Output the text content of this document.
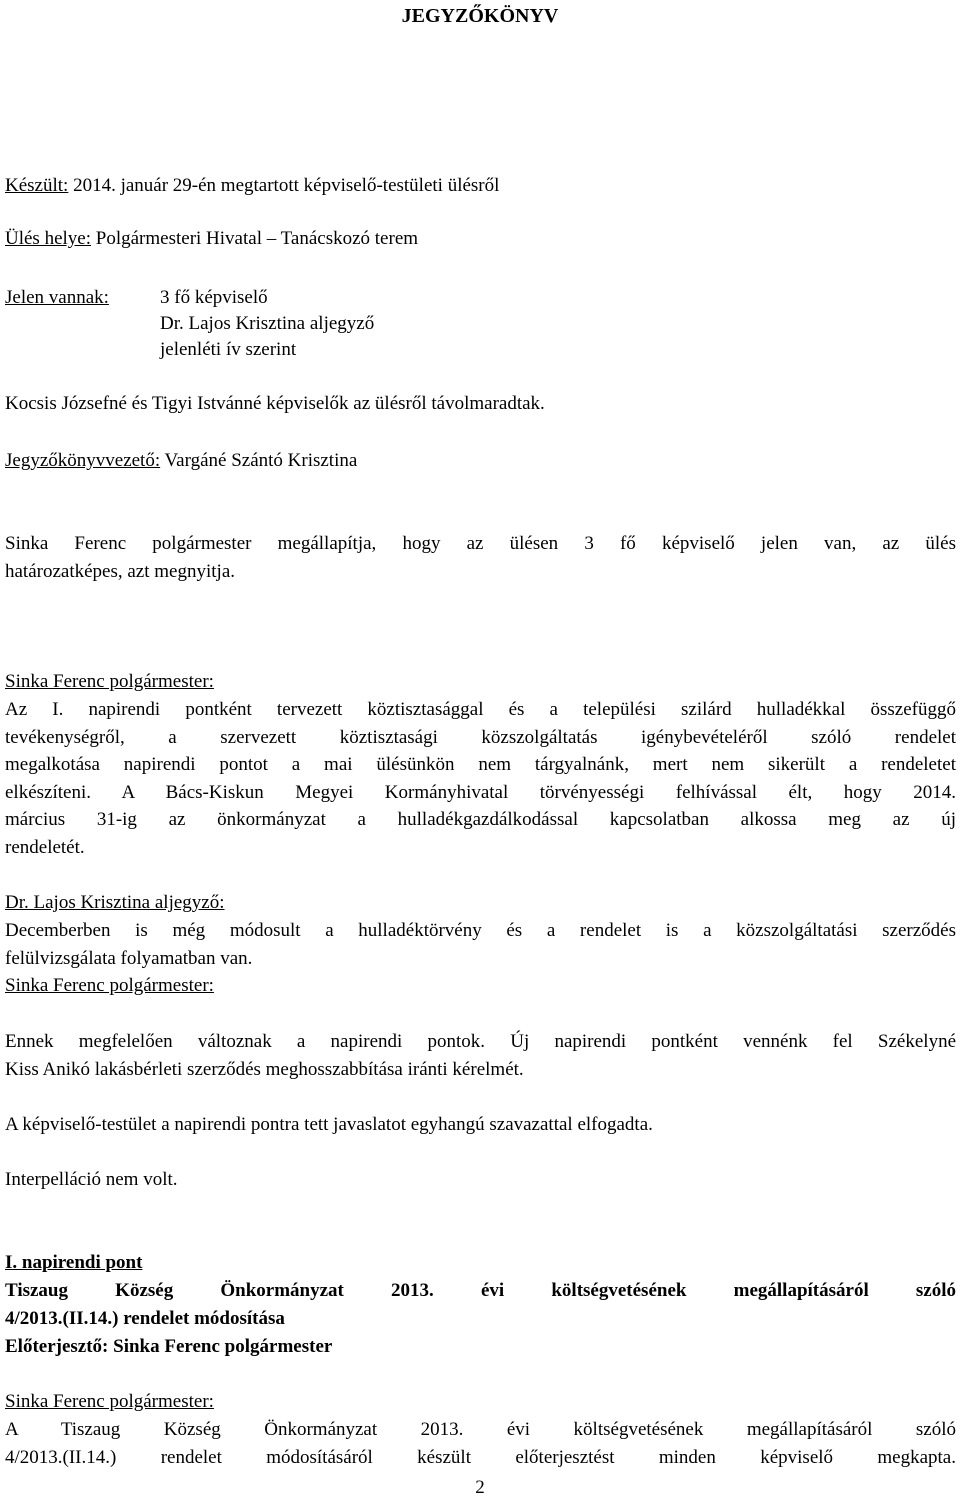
JEGYZŐKÖNYV
Készült: 2014. január 29-én megtartott képviselő-testületi ülésről
Ülés helye: Polgármesteri Hivatal – Tanácskozó terem
Jelen vannak:	3 fő képviselő
Dr. Lajos Krisztina aljegyző
jelenléti ív szerint
Kocsis Józsefné és Tigyi Istvánné képviselők az ülésről távolmaradtak.
Jegyzőkönyvvezető: Vargáné Szántó Krisztina
Sinka Ferenc polgármester megállapítja, hogy az ülésen 3 fő képviselő jelen van, az ülés
határozatképes, azt megnyitja.
Sinka Ferenc polgármester:
Az I. napirendi pontként tervezett köztisztasággal és a települési szilárd hulladékkal összefüggő
tevékenységről, a szervezett köztisztasági közszolgáltatás igénybevételéről szóló rendelet
megalkotása napirendi pontot a mai ülésünkön nem tárgyalnánk, mert nem sikerült a rendeletet
elkészíteni. A Bács-Kiskun Megyei Kormányhivatal törvényességi felhívással élt, hogy 2014.
március 31-ig az önkormányzat a hulladékgazdálkodással kapcsolatban alkossa meg az új
rendeletét.
Dr. Lajos Krisztina aljegyző:
Decemberben is még módosult a hulladéktörvény és a rendelet is a közszolgáltatási szerződés
felülvizsgálata folyamatban van.
Sinka Ferenc polgármester:
Ennek megfelelően változnak a napirendi pontok. Új napirendi pontként vennénk fel Székelyné
Kiss Anikó lakásbérleti szerződés meghosszabbítása iránti kérelmét.
A képviselő-testület a napirendi pontra tett javaslatot egyhangú szavazattal elfogadta.
Interpelláció nem volt.
I. napirendi pont
Tiszaug Község Önkormányzat 2013. évi költségvetésének megállapításáról szóló
4/2013.(II.14.) rendelet módosítása
Előterjesztő: Sinka Ferenc polgármester
Sinka Ferenc polgármester:
A Tiszaug Község Önkormányzat 2013. évi költségvetésének megállapításáról szóló
4/2013.(II.14.) rendelet módosításáról készült előterjesztést minden képviselő megkapta.
2
